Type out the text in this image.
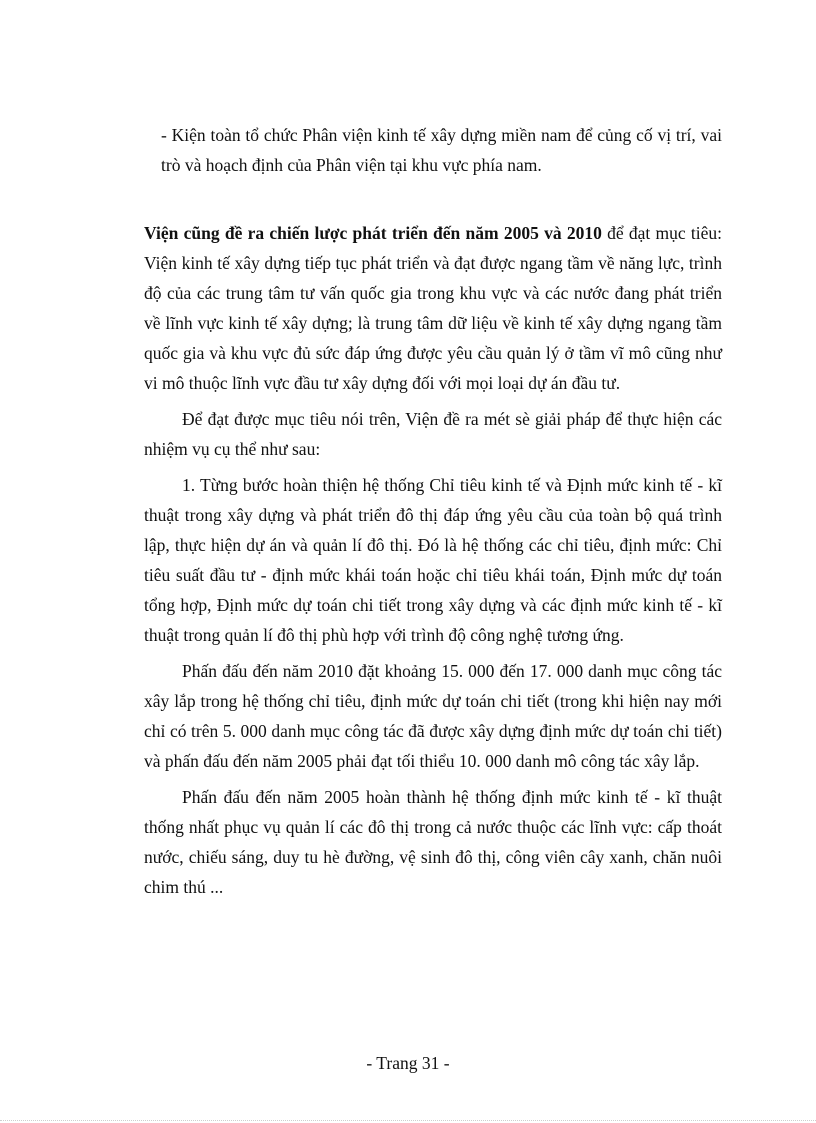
- Kiện toàn tổ chức Phân viện kinh tế xây dựng miền nam để củng cố vị trí, vai trò và hoạch định của Phân viện tại khu vực phía nam.

Viện cũng đề ra chiến lược phát triển đến năm 2005 và 2010 để đạt mục tiêu: Viện kinh tế xây dựng tiếp tục phát triển và đạt được ngang tầm về năng lực, trình độ của các trung tâm tư vấn quốc gia trong khu vực và các nước đang phát triển về lĩnh vực kinh tế xây dựng; là trung tâm dữ liệu về kinh tế xây dựng ngang tầm quốc gia và khu vực đủ sức đáp ứng được yêu cầu quản lý ở tầm vĩ mô cũng như vi mô thuộc lĩnh vực đầu tư xây dựng đối với mọi loại dự án đầu tư.

Để đạt được mục tiêu nói trên, Viện đề ra mét sè giải pháp để thực hiện các nhiệm vụ cụ thể như sau:

1. Từng bước hoàn thiện hệ thống Chỉ tiêu kinh tế và Định mức kinh tế - kĩ thuật trong xây dựng và phát triển đô thị đáp ứng yêu cầu của toàn bộ quá trình lập, thực hiện dự án và quản lí đô thị. Đó là hệ thống các chỉ tiêu, định mức: Chỉ tiêu suất đầu tư - định mức khái toán hoặc chỉ tiêu khái toán, Định mức dự toán tổng hợp, Định mức dự toán chi tiết trong xây dựng và các định mức kinh tế - kĩ thuật trong quản lí đô thị phù hợp với trình độ công nghệ tương ứng.

Phấn đấu đến năm 2010 đặt khoảng 15. 000 đến 17. 000 danh mục công tác xây lắp trong hệ thống chỉ tiêu, định mức dự toán chi tiết (trong khi hiện nay mới chỉ có trên 5. 000 danh mục công tác đã được xây dựng định mức dự toán chi tiết) và phấn đấu đến năm 2005 phải đạt tối thiểu 10. 000 danh mô công tác xây lắp.

Phấn đấu đến năm 2005 hoàn thành hệ thống định mức kinh tế - kĩ thuật thống nhất phục vụ quản lí các đô thị trong cả nước thuộc các lĩnh vực: cấp thoát nước, chiếu sáng, duy tu hè đường, vệ sinh đô thị, công viên cây xanh, chăn nuôi chim thú ...

- Trang 31 -
